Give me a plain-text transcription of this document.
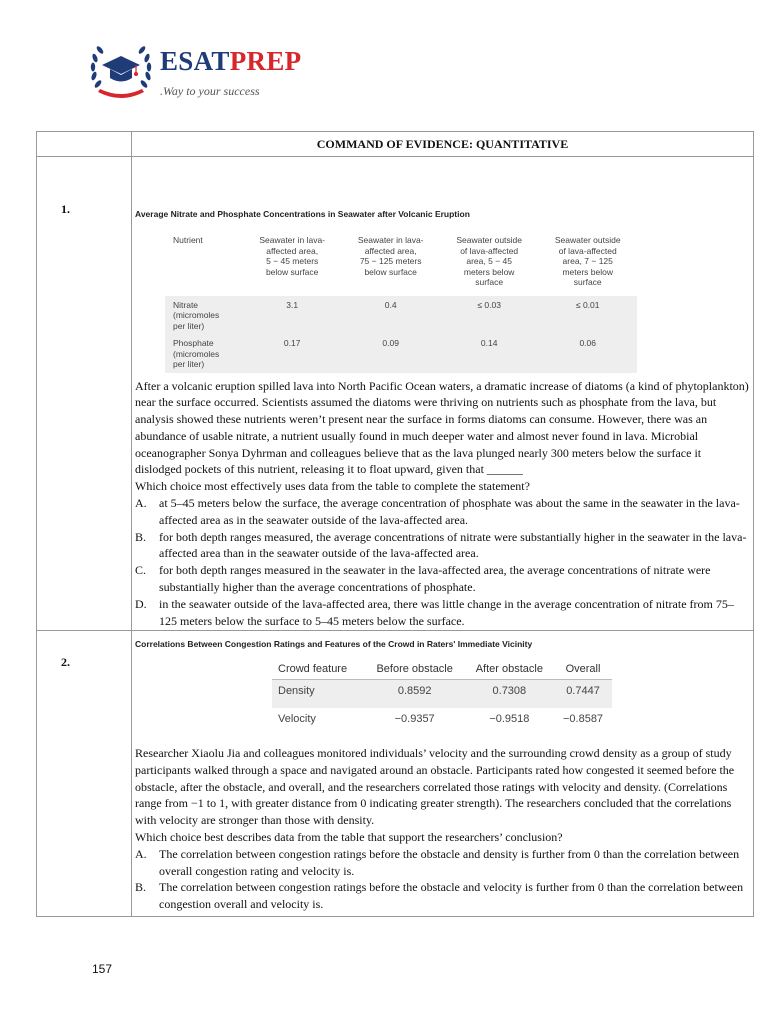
ESATPREP
.Way to your success
	COMMAND OF EVIDENCE: QUANTITATIVE
1.	Average Nitrate and Phosphate Concentrations in Seawater after Volcanic Eruption

Nutrient	Seawater in lava-
affected area,
5 − 45 meters
below surface	Seawater in lava-
affected area,
75 − 125 meters
below surface	Seawater outside
of lava-affected
area, 5 − 45
meters below
surface	Seawater outside
of lava-affected
area, 7 − 125
meters below
surface

Nitrate
(micromoles
per liter)	3.1	0.4	≤ 0.03	≤ 0.01
Phosphate
(micromoles
per liter)	0.17	0.09	0.14	0.06

After a volcanic eruption spilled lava into North Pacific Ocean waters, a dramatic increase of diatoms (a kind of phytoplankton) near the surface occurred. Scientists assumed the diatoms were thriving on nutrients such as phosphate from the lava, but analysis showed these nutrients weren’t present near the surface in forms diatoms can consume. However, there was an abundance of usable nitrate, a nutrient usually found in much deeper water and almost never found in lava. Microbial oceanographer Sonya Dyhrman and colleagues believe that as the lava plunged nearly 300 meters below the surface it dislodged pockets of this nutrient, releasing it to float upward, given that ______

Which choice most effectively uses data from the table to complete the statement?

A. at 5–45 meters below the surface, the average concentration of phosphate was about the same in the seawater in the lava-affected area as in the seawater outside of the lava-affected area.
B. for both depth ranges measured, the average concentrations of nitrate were substantially higher in the seawater in the lava-affected area than in the seawater outside of the lava-affected area.
C. for both depth ranges measured in the seawater in the lava-affected area, the average concentrations of nitrate were substantially higher than the average concentrations of phosphate.
D. in the seawater outside of the lava-affected area, there was little change in the average concentration of nitrate from 75–125 meters below the surface to 5–45 meters below the surface.

2.	

Correlations Between Congestion Ratings and Features of the Crowd in Raters' Immediate Vicinity

Crowd feature	Before obstacle	After obstacle	Overall
Density	0.8592	0.7308	0.7447
Velocity	−0.9357	−0.9518	−0.8587

Researcher Xiaolu Jia and colleagues monitored individuals’ velocity and the surrounding crowd density as a group of study participants walked through a space and navigated around an obstacle. Participants rated how congested it seemed before the obstacle, after the obstacle, and overall, and the researchers correlated those ratings with velocity and density. (Correlations range from −1 to 1, with greater distance from 0 indicating greater strength). The researchers concluded that the correlations with velocity are stronger than those with density.

Which choice best describes data from the table that support the researchers’ conclusion?

A. The correlation between congestion ratings before the obstacle and density is further from 0 than the correlation between overall congestion rating and velocity is.
B. The correlation between congestion ratings before the obstacle and velocity is further from 0 than the correlation between congestion overall and velocity is.
157
